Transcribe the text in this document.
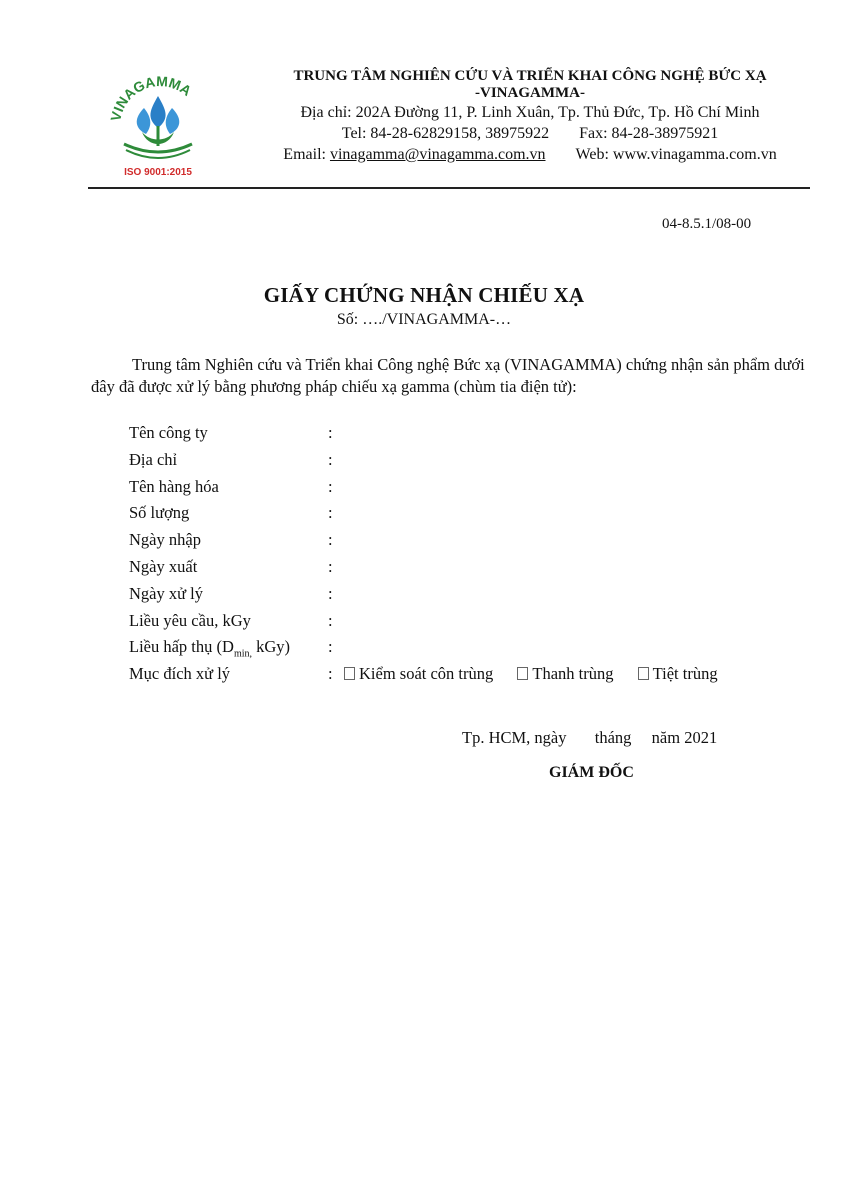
VINAGAMMA
ISO 9001:2015
TRUNG TÂM NGHIÊN CỨU VÀ TRIỂN KHAI CÔNG NGHỆ BỨC XẠ
-VINAGAMMA-
Địa chỉ: 202A Đường 11, P. Linh Xuân, Tp. Thủ Đức, Tp. Hồ Chí Minh
Tel: 84-28-62829158, 38975922 Fax: 84-28-38975921
Email: vinagamma@vinagamma.com.vn Web: www.vinagamma.com.vn
04-8.5.1/08-00
GIẤY CHỨNG NHẬN CHIẾU XẠ
Số: …./VINAGAMMA-…
Trung tâm Nghiên cứu và Triển khai Công nghệ Bức xạ (VINAGAMMA) chứng nhận sản phẩm dưới đây đã được xử lý bằng phương pháp chiếu xạ gamma (chùm tia điện tử):
Tên công ty	:
Địa chỉ	:
Tên hàng hóa	:
Số lượng	:
Ngày nhập	:
Ngày xuất	:
Ngày xử lý	:
Liều yêu cầu, kGy	:
Liều hấp thụ ($D_{min,}$ kGy) :
Mục đích xử lý	:	Kiểm soát côn trùng Thanh trùng Tiệt trùng
Tp. HCM, ngày tháng năm 2021
GIÁM ĐỐC
